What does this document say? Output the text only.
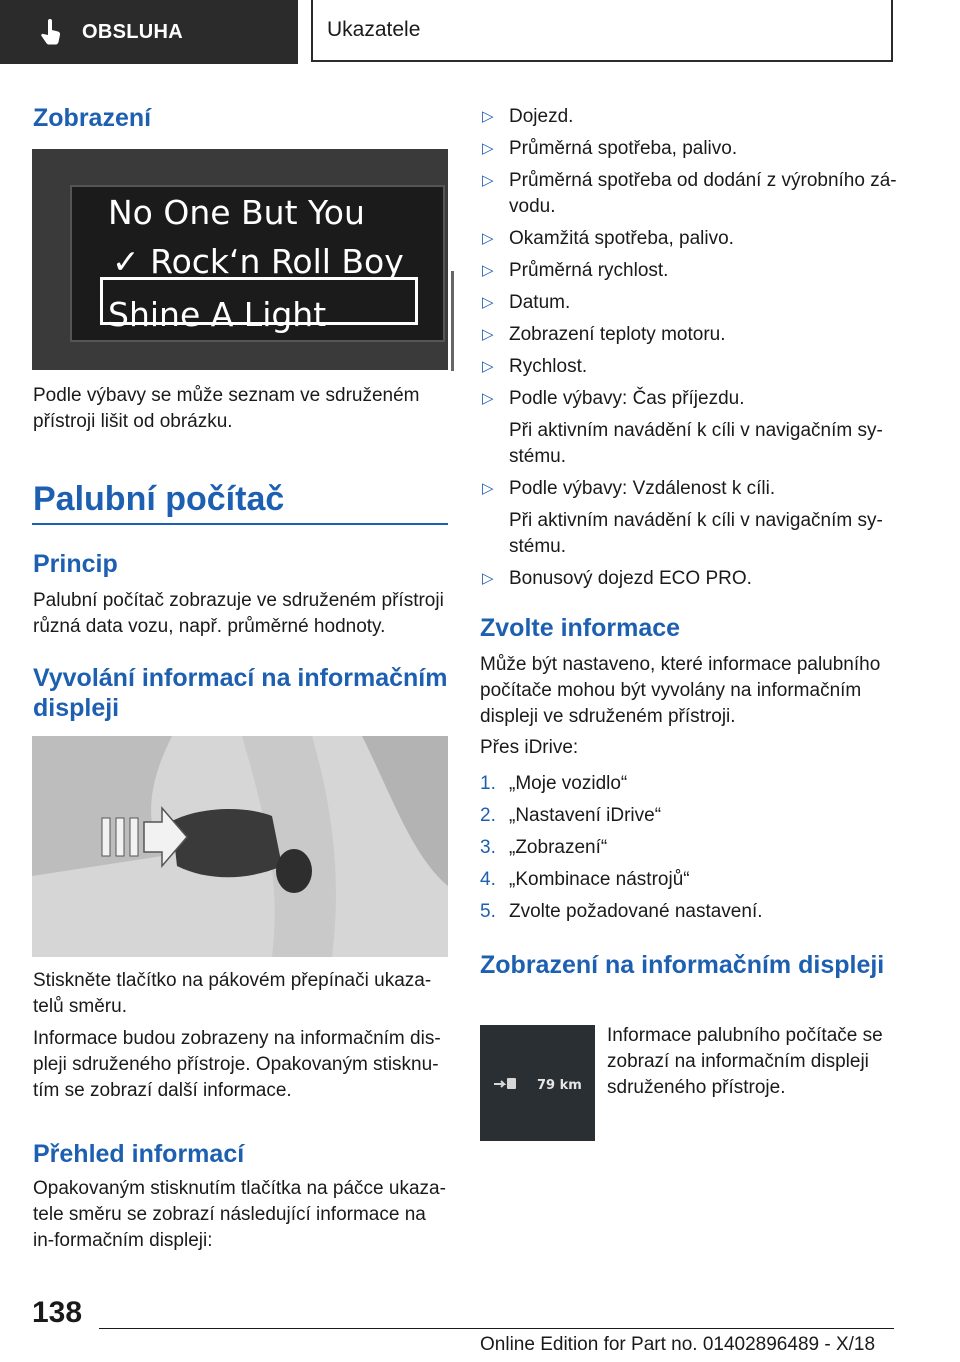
OBSLUHA	Ukazatele
Zobrazení
No One But You
✓ Rock‘n Roll Boy
Shine A Light

Podle výbavy se může seznam ve sdruženém přístroji lišit od obrázku.

Palubní počítač
Princip

Palubní počítač zobrazuje ve sdruženém přístroji různá data vozu, např. průměrné hodnoty.

Vyvolání informací na informačním displeji

Stiskněte tlačítko na pákovém přepínači ukaza-telů směru.

Informace budou zobrazeny na informačním dis-pleji sdruženého přístroje. Opakovaným stisknu-tím se zobrazí další informace.

Přehled informací

Opakovaným stisknutím tlačítka na páčce ukaza-tele směru se zobrazí následující informace na in-formačním displeji:

▷ Dojezd.
▷ Průměrná spotřeba, palivo.
▷ Průměrná spotřeba od dodání z výrobního zá-vodu.
▷ Okamžitá spotřeba, palivo.
▷ Průměrná rychlost.
▷ Datum.
▷ Zobrazení teploty motoru.
▷ Rychlost.
▷ Podle výbavy: Čas příjezdu.
Při aktivním navádění k cíli v navigačním sy-stému.
▷ Podle výbavy: Vzdálenost k cíli.
Při aktivním navádění k cíli v navigačním sy-stému.
▷ Bonusový dojezd ECO PRO.
Zvolte informace

Může být nastaveno, které informace palubního počítače mohou být vyvolány na informačním displeji ve sdruženém přístroji.

Přes iDrive:

1. „Moje vozidlo“
2. „Nastavení iDrive“
3. „Zobrazení“
4. „Kombinace nástrojů“
5. Zvolte požadované nastavení.
Zobrazení na informačním displeji
79 km

Informace palubního počítače se zobrazí na informačním displeji sdruženého přístroje.

138
Online Edition for Part no. 01402896489 - X/18
